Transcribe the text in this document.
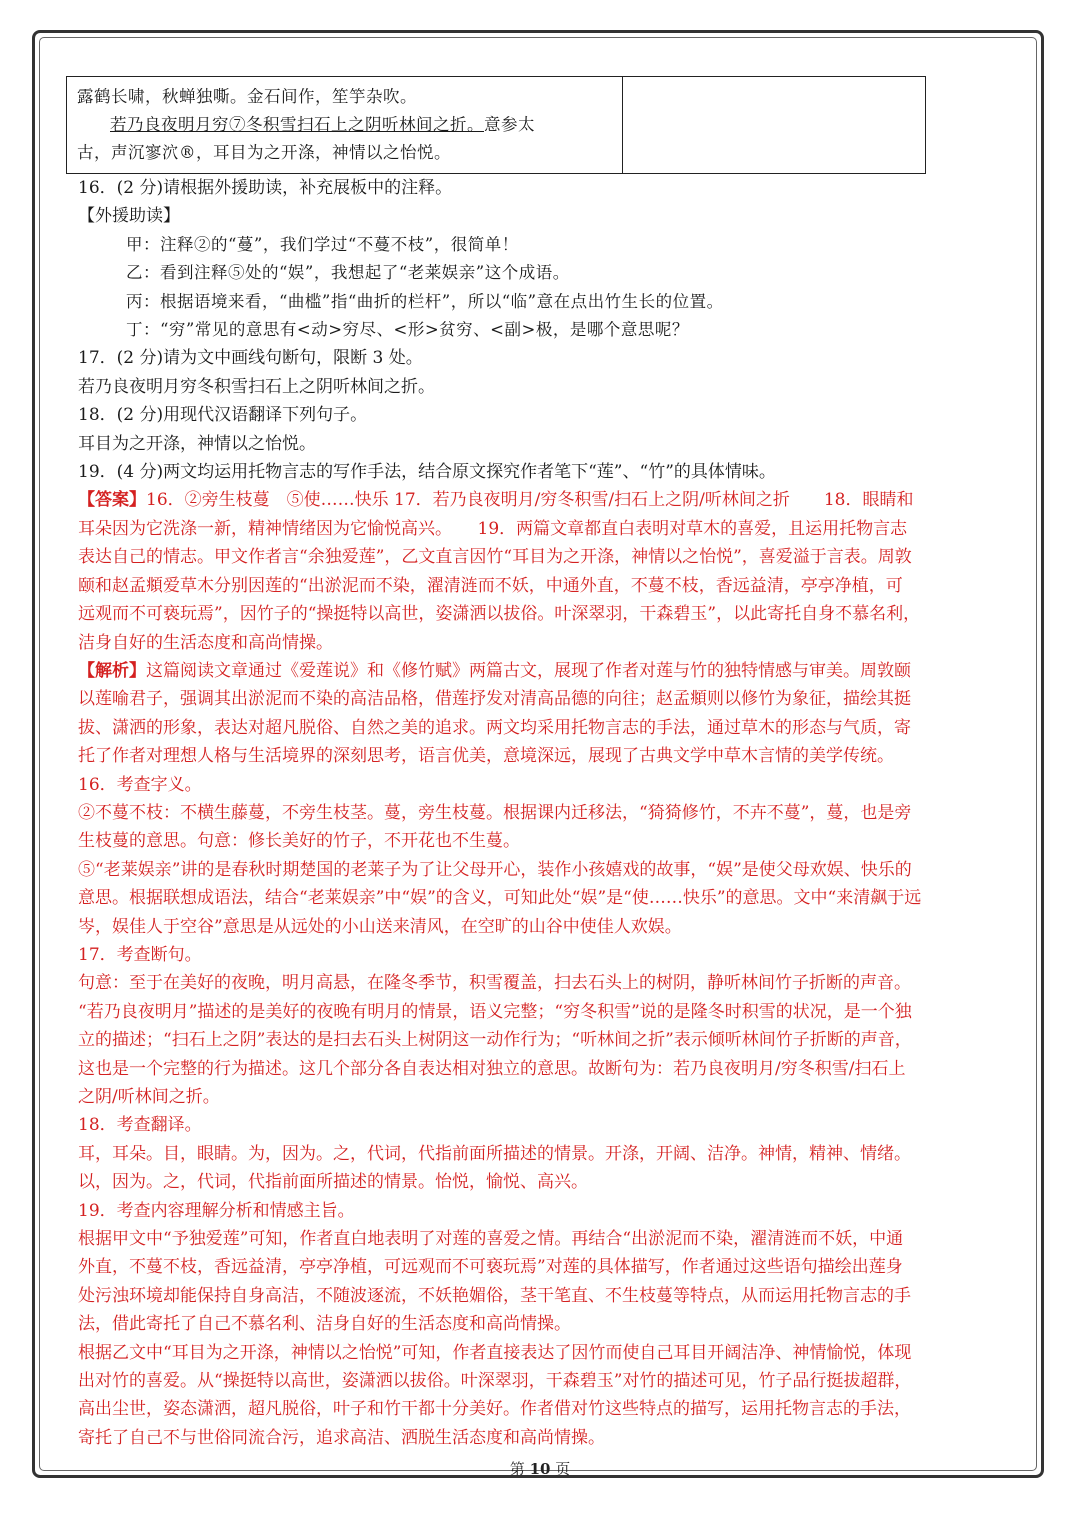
露鹤长啸，秋蝉独嘶。金石间作，笙竽杂吹。
若乃良夜明月穷⑦冬积雪扫石上之阴听林间之折。意参太
古，声沉寥泬®，耳目为之开涤，神情以之怡悦。

16．(2 分)请根据外援助读，补充展板中的注释。
【外援助读】
甲：注释②的“蔓”，我们学过“不蔓不枝”，很简单！
乙：看到注释⑤处的“娱”，我想起了“老莱娱亲”这个成语。
丙：根据语境来看，“曲槛”指“曲折的栏杆”，所以“临”意在点出竹生长的位置。
丁：“穷”常见的意思有<动>穷尽、<形>贫穷、<副>极，是哪个意思呢？
17．(2 分)请为文中画线句断句，限断 3 处。
若乃良夜明月穷冬积雪扫石上之阴听林间之折。
18．(2 分)用现代汉语翻译下列句子。
耳目为之开涤，神情以之怡悦。
19．(4 分)两文均运用托物言志的写作手法，结合原文探究作者笔下“莲”、“竹”的具体情味。
【答案】16．②旁生枝蔓　⑤使……快乐 17．若乃良夜明月/穷冬积雪/扫石上之阴/听林间之折　　18．眼睛和
耳朵因为它洗涤一新，精神情绪因为它愉悦高兴。　　19．两篇文章都直白表明对草木的喜爱，且运用托物言志
表达自己的情志。甲文作者言“余独爱莲”，乙文直言因竹“耳目为之开涤，神情以之怡悦”，喜爱溢于言表。周敦
颐和赵孟頫爱草木分别因莲的“出淤泥而不染，濯清涟而不妖，中通外直，不蔓不枝，香远益清，亭亭净植，可
远观而不可亵玩焉”，因竹子的“操挺特以高世，姿潇洒以拔俗。叶深翠羽，干森碧玉”，以此寄托自身不慕名利，
洁身自好的生活态度和高尚情操。
【解析】这篇阅读文章通过《爱莲说》和《修竹赋》两篇古文，展现了作者对莲与竹的独特情感与审美。周敦颐
以莲喻君子，强调其出淤泥而不染的高洁品格，借莲抒发对清高品德的向往；赵孟頫则以修竹为象征，描绘其挺
拔、潇洒的形象，表达对超凡脱俗、自然之美的追求。两文均采用托物言志的手法，通过草木的形态与气质，寄
托了作者对理想人格与生活境界的深刻思考，语言优美，意境深远，展现了古典文学中草木言情的美学传统。
16．考查字义。
②不蔓不枝：不横生藤蔓，不旁生枝茎。蔓，旁生枝蔓。根据课内迁移法，“猗猗修竹，不卉不蔓”，蔓，也是旁
生枝蔓的意思。句意：修长美好的竹子，不开花也不生蔓。
⑤“老莱娱亲”讲的是春秋时期楚国的老莱子为了让父母开心，装作小孩嬉戏的故事，“娱”是使父母欢娱、快乐的
意思。根据联想成语法，结合“老莱娱亲”中“娱”的含义，可知此处“娱”是“使……快乐”的意思。文中“来清飙于远
岑，娱佳人于空谷”意思是从远处的小山送来清风，在空旷的山谷中使佳人欢娱。
17．考查断句。
句意：至于在美好的夜晚，明月高悬，在隆冬季节，积雪覆盖，扫去石头上的树阴，静听林间竹子折断的声音。
“若乃良夜明月”描述的是美好的夜晚有明月的情景，语义完整；“穷冬积雪”说的是隆冬时积雪的状况，是一个独
立的描述；“扫石上之阴”表达的是扫去石头上树阴这一动作行为；“听林间之折”表示倾听林间竹子折断的声音，
这也是一个完整的行为描述。这几个部分各自表达相对独立的意思。故断句为：若乃良夜明月/穷冬积雪/扫石上
之阴/听林间之折。
18．考查翻译。
耳，耳朵。目，眼睛。为，因为。之，代词，代指前面所描述的情景。开涤，开阔、洁净。神情，精神、情绪。
以，因为。之，代词，代指前面所描述的情景。怡悦，愉悦、高兴。
19．考查内容理解分析和情感主旨。
根据甲文中“予独爱莲”可知，作者直白地表明了对莲的喜爱之情。再结合“出淤泥而不染，濯清涟而不妖，中通
外直，不蔓不枝，香远益清，亭亭净植，可远观而不可亵玩焉”对莲的具体描写，作者通过这些语句描绘出莲身
处污浊环境却能保持自身高洁，不随波逐流，不妖艳媚俗，茎干笔直、不生枝蔓等特点，从而运用托物言志的手
法，借此寄托了自己不慕名利、洁身自好的生活态度和高尚情操。
根据乙文中“耳目为之开涤，神情以之怡悦”可知，作者直接表达了因竹而使自己耳目开阔洁净、神情愉悦，体现
出对竹的喜爱。从“操挺特以高世，姿潇洒以拔俗。叶深翠羽，干森碧玉”对竹的描述可见，竹子品行挺拔超群，
高出尘世，姿态潇洒，超凡脱俗，叶子和竹干都十分美好。作者借对竹这些特点的描写，运用托物言志的手法，
寄托了自己不与世俗同流合污，追求高洁、洒脱生活态度和高尚情操。
第 10 页
